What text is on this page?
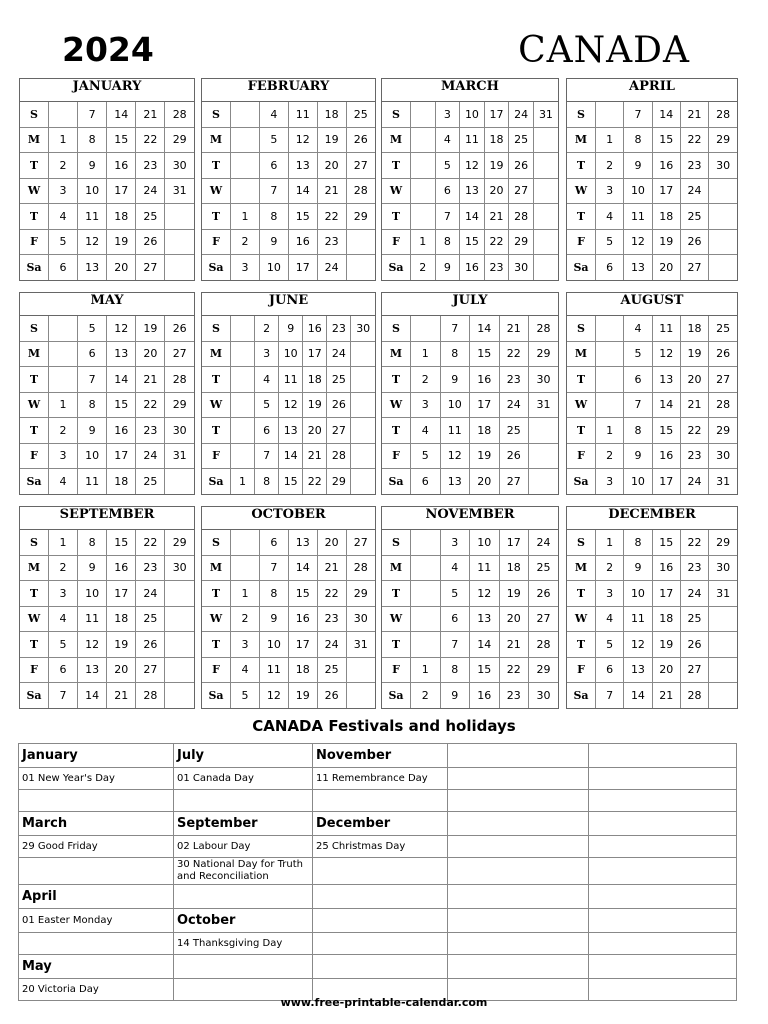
2024	CANADA
JANUARY
S		7	14	21	28
M	1	8	15	22	29
T	2	9	16	23	30
W	3	10	17	24	31
T	4	11	18	25	
F	5	12	19	26	
Sa	6	13	20	27	
FEBRUARY
S		4	11	18	25
M		5	12	19	26
T		6	13	20	27
W		7	14	21	28
T	1	8	15	22	29
F	2	9	16	23	
Sa	3	10	17	24	
MARCH
S		3	10	17	24	31
M		4	11	18	25	
T		5	12	19	26	
W		6	13	20	27	
T		7	14	21	28	
F	1	8	15	22	29	
Sa	2	9	16	23	30	
APRIL
S		7	14	21	28
M	1	8	15	22	29
T	2	9	16	23	30
W	3	10	17	24	
T	4	11	18	25	
F	5	12	19	26	
Sa	6	13	20	27	
MAY
S		5	12	19	26
M		6	13	20	27
T		7	14	21	28
W	1	8	15	22	29
T	2	9	16	23	30
F	3	10	17	24	31
Sa	4	11	18	25	
JUNE
S		2	9	16	23	30
M		3	10	17	24	
T		4	11	18	25	
W		5	12	19	26	
T		6	13	20	27	
F		7	14	21	28	
Sa	1	8	15	22	29	
JULY
S		7	14	21	28
M	1	8	15	22	29
T	2	9	16	23	30
W	3	10	17	24	31
T	4	11	18	25	
F	5	12	19	26	
Sa	6	13	20	27	
AUGUST
S		4	11	18	25
M		5	12	19	26
T		6	13	20	27
W		7	14	21	28
T	1	8	15	22	29
F	2	9	16	23	30
Sa	3	10	17	24	31
SEPTEMBER
S	1	8	15	22	29
M	2	9	16	23	30
T	3	10	17	24	
W	4	11	18	25	
T	5	12	19	26	
F	6	13	20	27	
Sa	7	14	21	28	
OCTOBER
S		6	13	20	27
M		7	14	21	28
T	1	8	15	22	29
W	2	9	16	23	30
T	3	10	17	24	31
F	4	11	18	25	
Sa	5	12	19	26	
NOVEMBER
S		3	10	17	24
M		4	11	18	25
T		5	12	19	26
W		6	13	20	27
T		7	14	21	28
F	1	8	15	22	29
Sa	2	9	16	23	30
DECEMBER
S	1	8	15	22	29
M	2	9	16	23	30
T	3	10	17	24	31
W	4	11	18	25	
T	5	12	19	26	
F	6	13	20	27	
Sa	7	14	21	28	
CANADA Festivals and holidays
January	July	November		
01 New Year's Day	01 Canada Day	11 Remembrance Day		

March	September	December		
29 Good Friday	02 Labour Day	25 Christmas Day		
	30 National Day for Truth and Reconciliation			
April				
01 Easter Monday	October			
	14 Thanksgiving Day			
May				
20 Victoria Day				
www.free-printable-calendar.com
